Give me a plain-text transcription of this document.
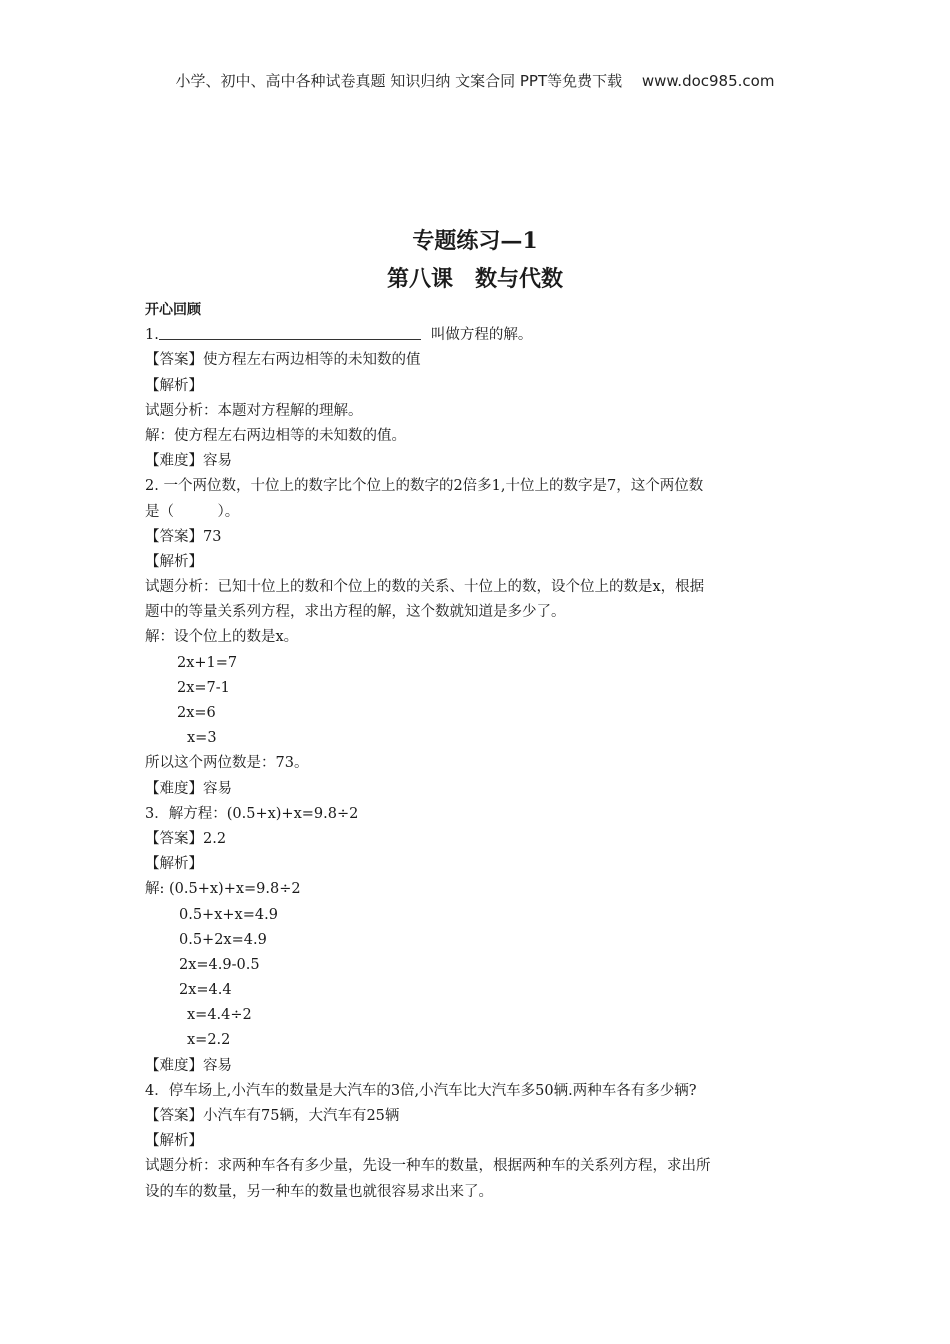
小学、初中、高中各种试卷真题 知识归纳 文案合同 PPT等免费下载 　www.doc985.com
专题练习—1
第八课　数与代数
开心回顾
1.	叫做方程的解。
【答案】使方程左右两边相等的未知数的值
【解析】
试题分析：本题对方程解的理解。
解：使方程左右两边相等的未知数的值。
【难度】容易
2. 一个两位数，十位上的数字比个位上的数字的2倍多1,十位上的数字是7，这个两位数
是（　　　）。
【答案】73
【解析】
试题分析：已知十位上的数和个位上的数的关系、十位上的数，设个位上的数是x，根据
题中的等量关系列方程，求出方程的解，这个数就知道是多少了。
解：设个位上的数是x。
2x+1=7
2x=7-1
2x=6
x=3
所以这个两位数是：73。
【难度】容易
3．解方程：(0.5+x)+x=9.8÷2
【答案】2.2
【解析】
解: (0.5+x)+x=9.8÷2
0.5+x+x=4.9
0.5+2x=4.9
2x=4.9-0.5
2x=4.4
x=4.4÷2
x=2.2
【难度】容易
4．停车场上,小汽车的数量是大汽车的3倍,小汽车比大汽车多50辆.两种车各有多少辆?
【答案】小汽车有75辆，大汽车有25辆
【解析】
试题分析：求两种车各有多少量，先设一种车的数量，根据两种车的关系列方程，求出所
设的车的数量，另一种车的数量也就很容易求出来了。
